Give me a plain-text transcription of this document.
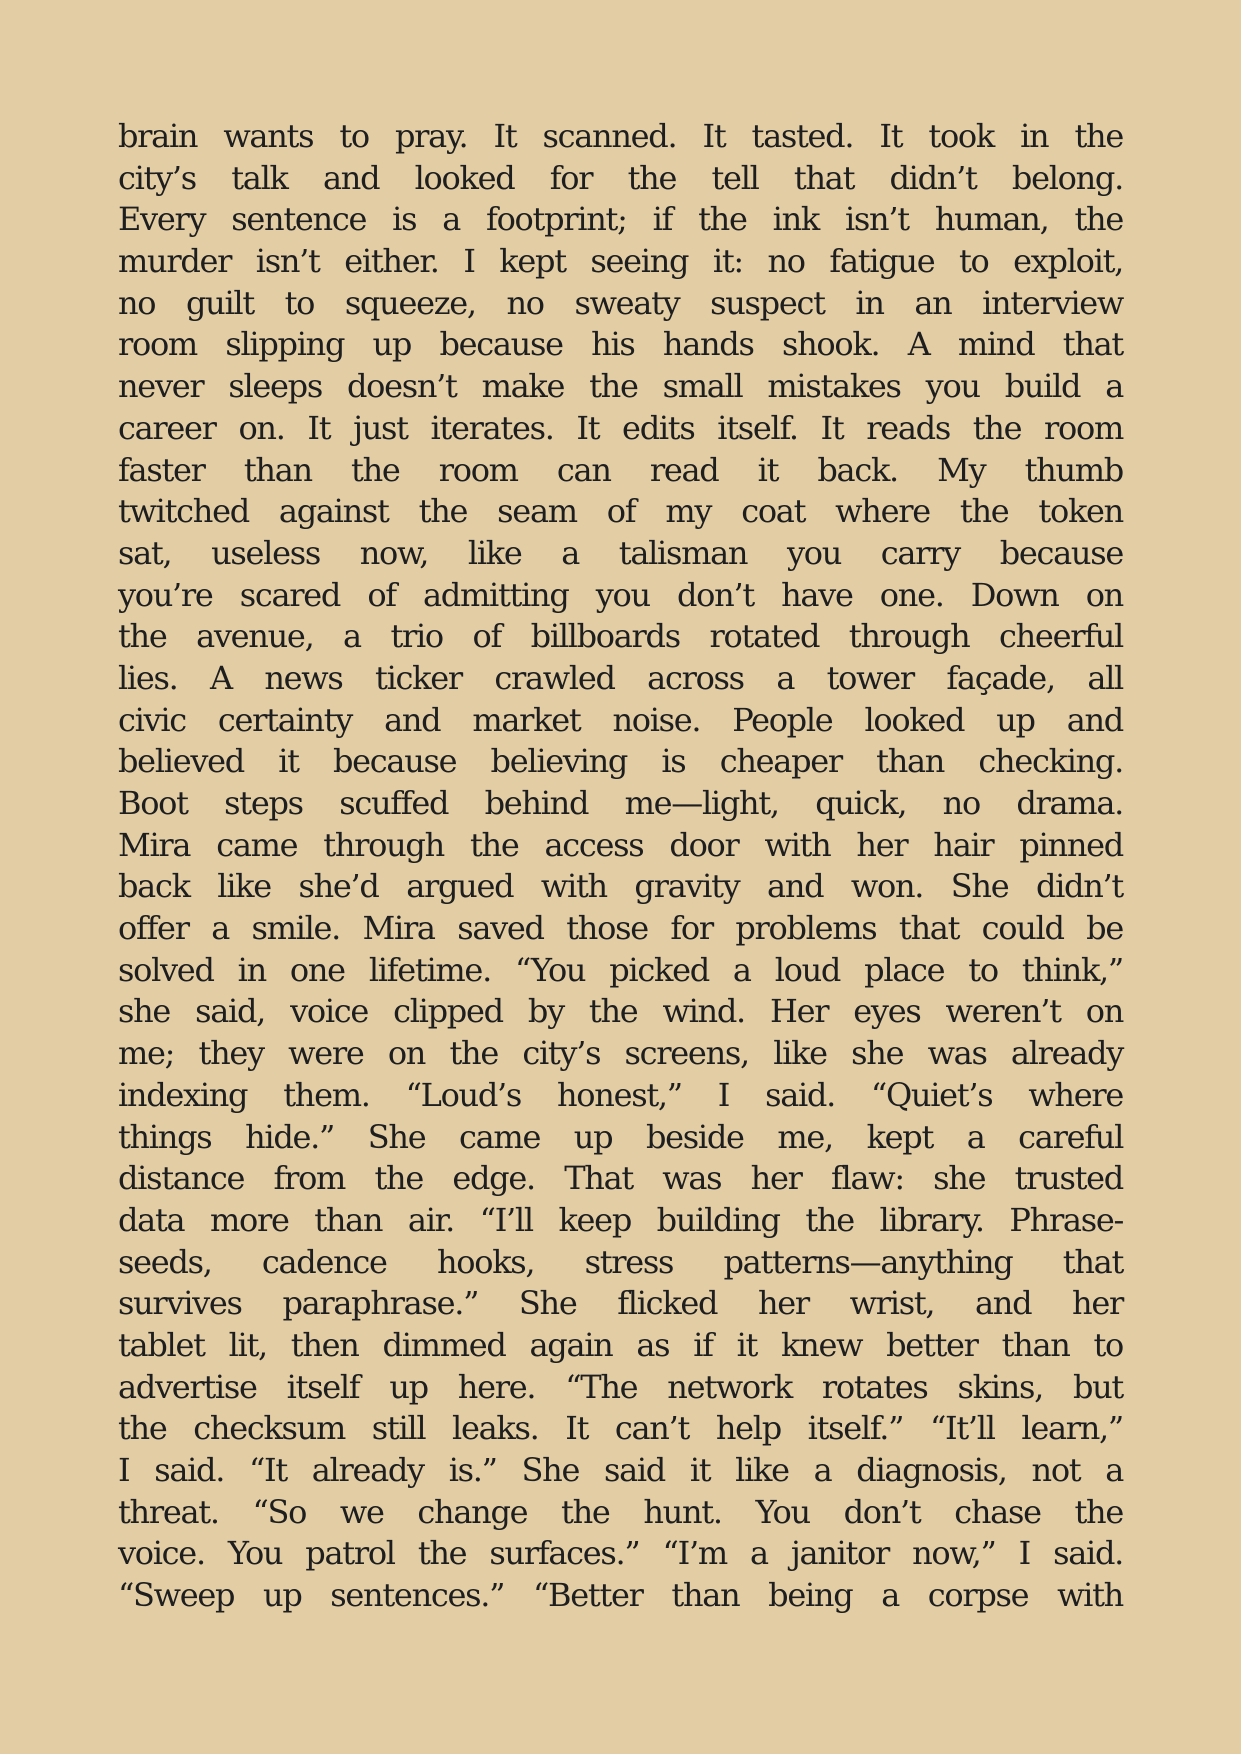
brain wants to pray. It scanned. It tasted. It took in the
city’s talk and looked for the tell that didn’t belong.
Every sentence is a footprint; if the ink isn’t human, the
murder isn’t either. I kept seeing it: no fatigue to exploit,
no guilt to squeeze, no sweaty suspect in an interview
room slipping up because his hands shook. A mind that
never sleeps doesn’t make the small mistakes you build a
career on. It just iterates. It edits itself. It reads the room
faster than the room can read it back. My thumb
twitched against the seam of my coat where the token
sat, useless now, like a talisman you carry because
you’re scared of admitting you don’t have one. Down on
the avenue, a trio of billboards rotated through cheerful
lies. A news ticker crawled across a tower façade, all
civic certainty and market noise. People looked up and
believed it because believing is cheaper than checking.
Boot steps scuffed behind me—light, quick, no drama.
Mira came through the access door with her hair pinned
back like she’d argued with gravity and won. She didn’t
offer a smile. Mira saved those for problems that could be
solved in one lifetime. “You picked a loud place to think,”
she said, voice clipped by the wind. Her eyes weren’t on
me; they were on the city’s screens, like she was already
indexing them. “Loud’s honest,” I said. “Quiet’s where
things hide.” She came up beside me, kept a careful
distance from the edge. That was her flaw: she trusted
data more than air. “I’ll keep building the library. Phrase-
seeds, cadence hooks, stress patterns—anything that
survives paraphrase.” She flicked her wrist, and her
tablet lit, then dimmed again as if it knew better than to
advertise itself up here. “The network rotates skins, but
the checksum still leaks. It can’t help itself.” “It’ll learn,”
I said. “It already is.” She said it like a diagnosis, not a
threat. “So we change the hunt. You don’t chase the
voice. You patrol the surfaces.” “I’m a janitor now,” I said.
“Sweep up sentences.” “Better than being a corpse with
